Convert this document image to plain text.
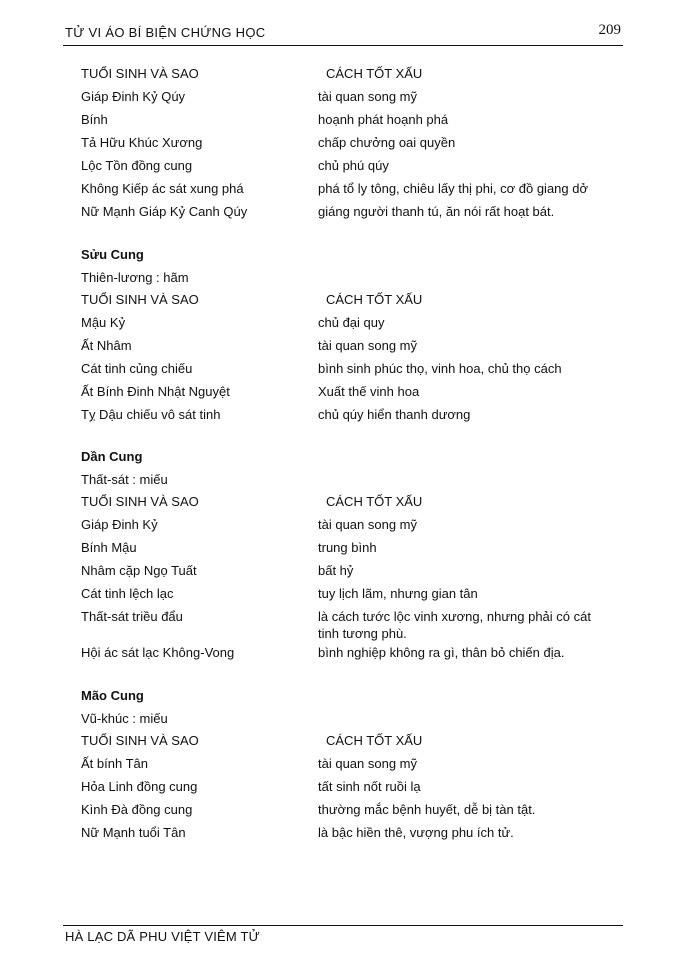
TỬ VI ÁO BÍ BIỆN CHỨNG HỌC	209
TUỔI SINH VÀ SAO	CÁCH TỐT XẤU
Giáp Đinh Kỷ Qúy	tài quan song mỹ
Bính	hoạnh phát hoạnh phá
Tả Hữu Khúc Xương	chấp chưởng oai quyền
Lộc Tồn đồng cung	chủ phú qúy
Không Kiếp ác sát xung phá	phá tổ ly tông, chiêu lấy thị phi, cơ đồ giang dở
Nữ Mạnh Giáp Kỷ Canh Qúy	giáng người thanh tú, ăn nói rất hoạt bát.
Sửu Cung
Thiên-lương : hãm
TUỔI SINH VÀ SAO	CÁCH TỐT XẤU
Mậu Kỷ	chủ đại quy
Ất Nhâm	tài quan song mỹ
Cát tinh củng chiếu	bình sinh phúc thọ, vinh hoa, chủ thọ cách
Ất Bính Đinh Nhật Nguyệt	Xuất thế vinh hoa
Tỵ Dậu chiếu vô sát tinh	chủ qúy hiển thanh dương
Dần Cung
Thất-sát : miếu
TUỔI SINH VÀ SAO	CÁCH TỐT XẤU
Giáp Đinh Kỷ	tài quan song mỹ
Bính Mậu	trung bình
Nhâm cặp Ngọ Tuất	bất hỷ
Cát tinh lệch lạc	tuy lịch lãm, nhưng gian tân
Thất-sát triều đẩu	là cách tước lộc vinh xương, nhưng phải có cát tinh tương phù.
Hội ác sát lạc Không-Vong	bình nghiệp không ra gì, thân bỏ chiến địa.
Mão Cung
Vũ-khúc : miếu
TUỔI SINH VÀ SAO	CÁCH TỐT XẤU
Ất bính Tân	tài quan song mỹ
Hỏa Linh đồng cung	tất sinh nốt ruồi lạ
Kình Đà đồng cung	thường mắc bệnh huyết, dễ bị tàn tật.
Nữ Mạnh tuổi Tân	là bậc hiền thê, vượng phu ích tử.
HÀ LẠC DÃ PHU VIỆT VIÊM TỬ
